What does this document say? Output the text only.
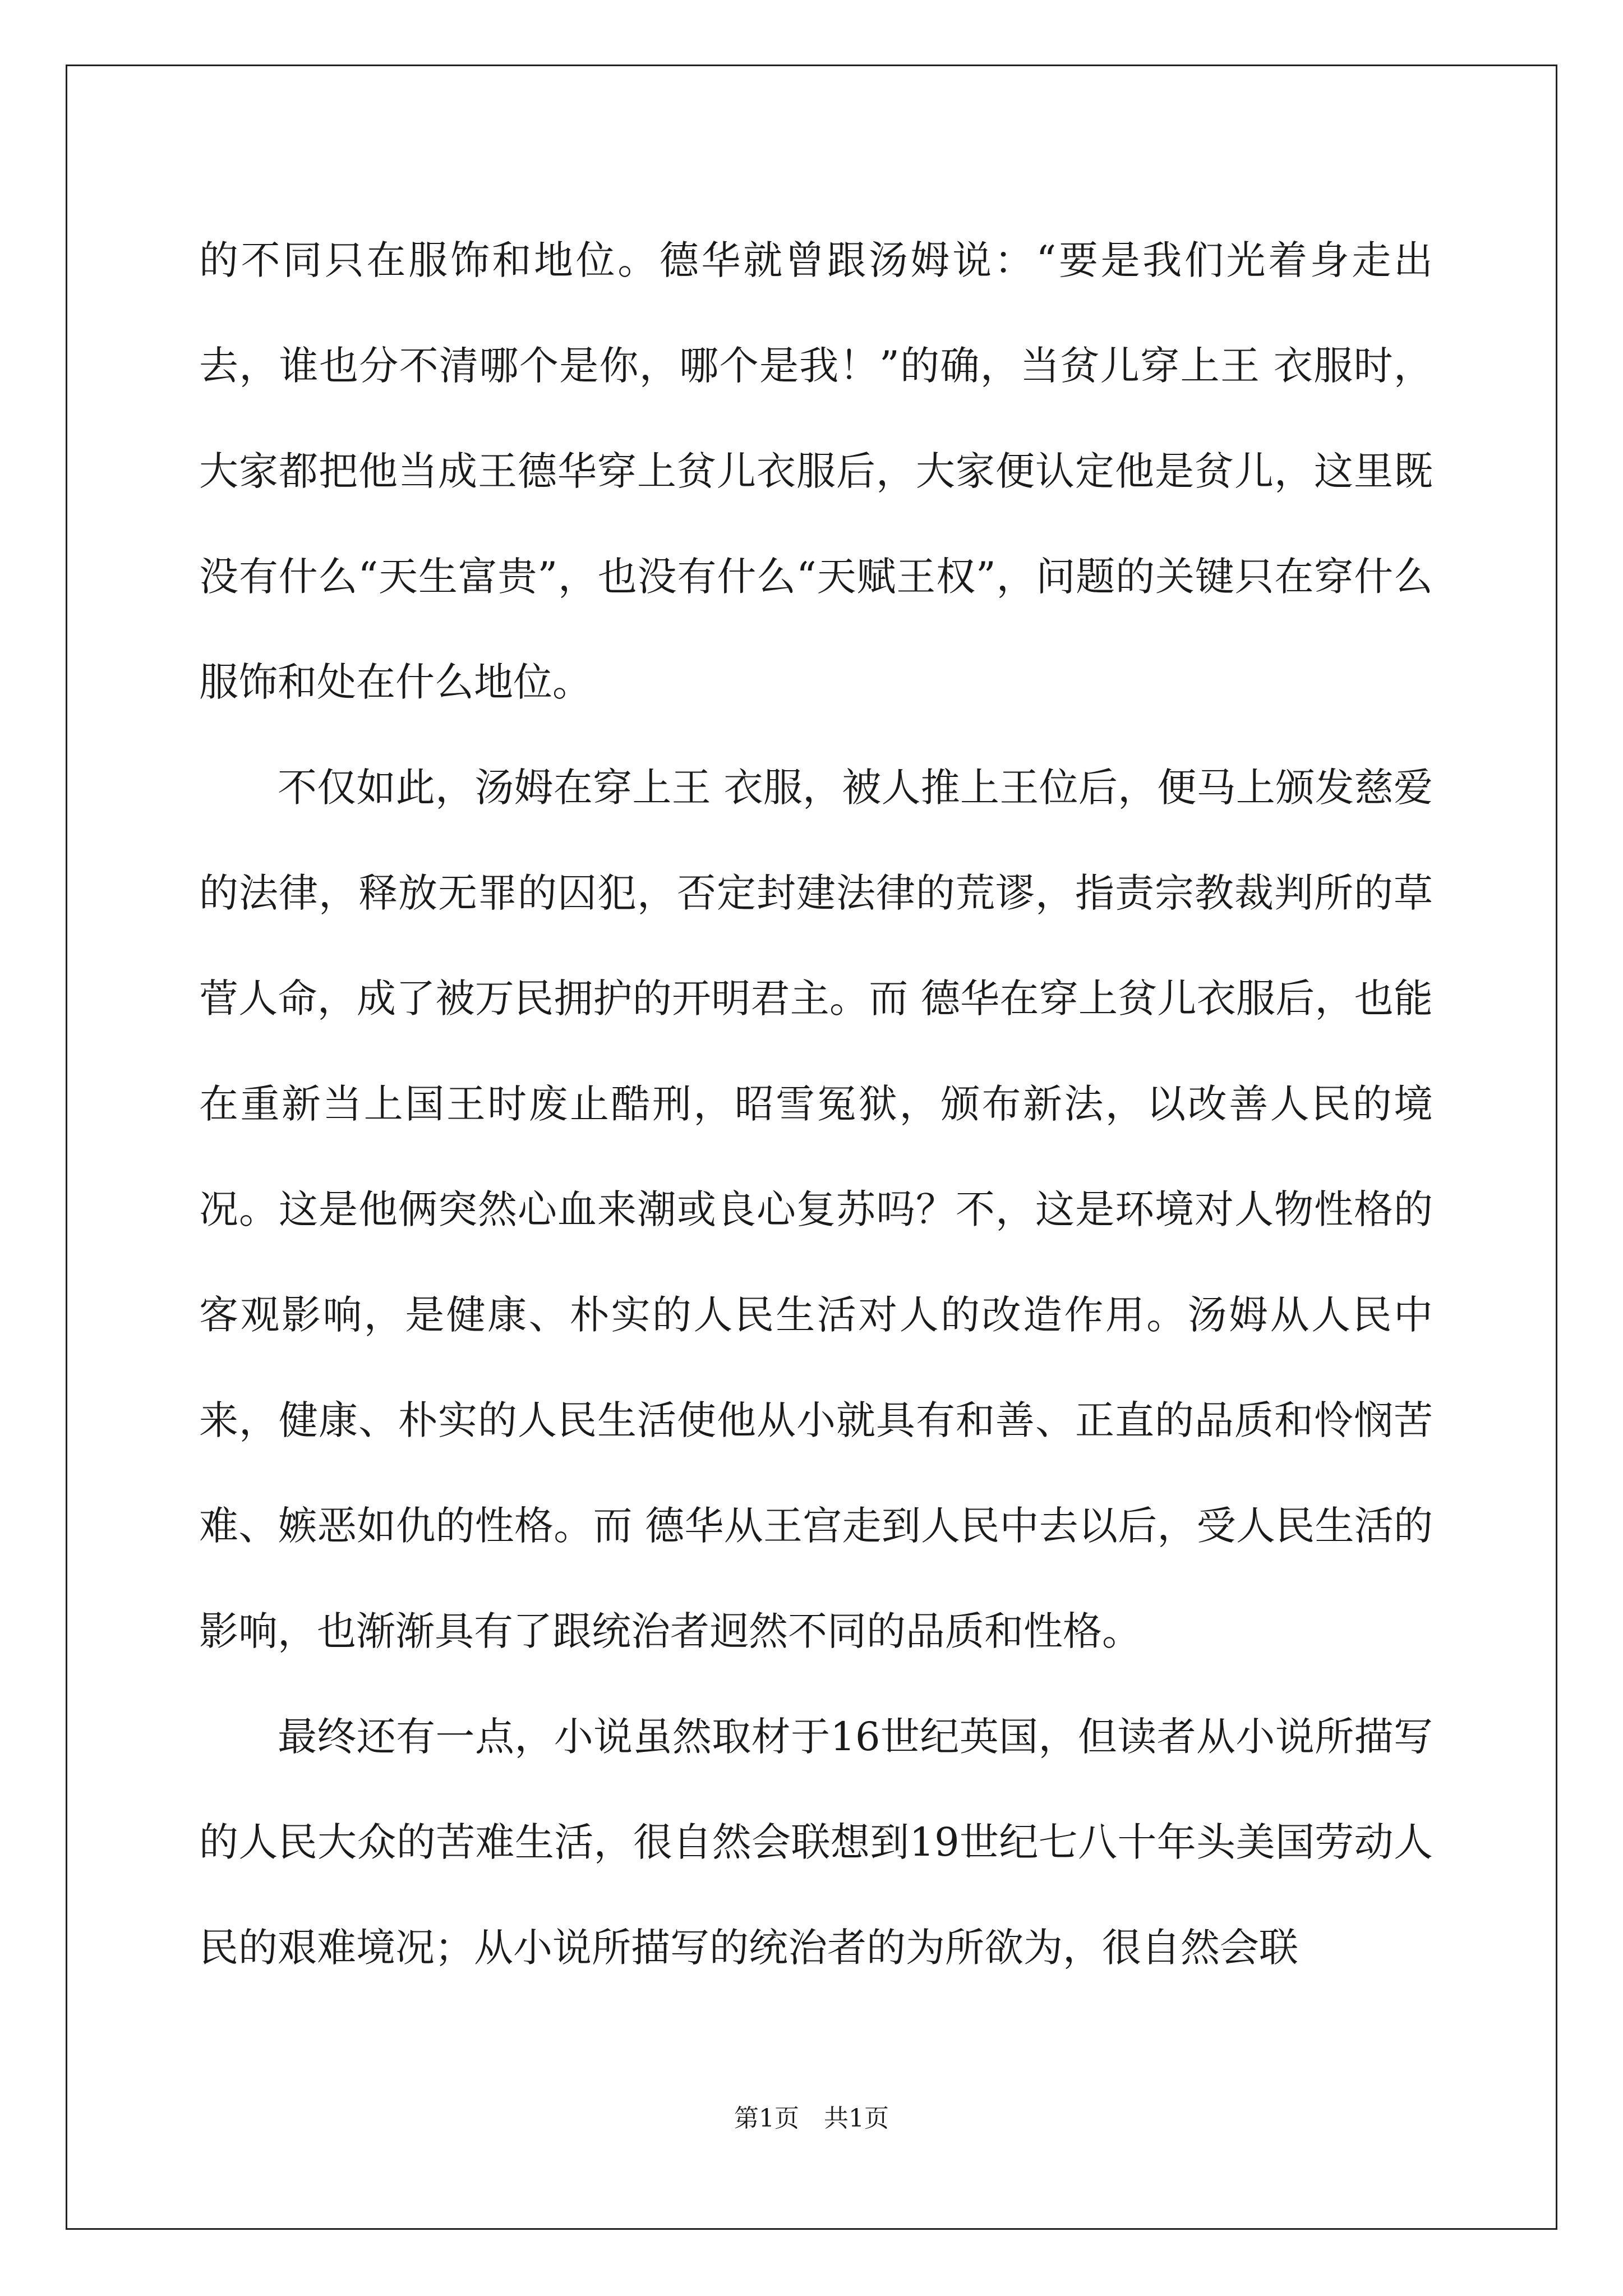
的不同只在服饰和地位。德华就曾跟汤姆说：“要是我们光着身走出去，谁也分不清哪个是你，哪个是我！”的确，当贫儿穿上王 衣服时，大家都把他当成王德华穿上贫儿衣服后，大家便认定他是贫儿，这里既没有什么“天生富贵”，也没有什么“天赋王权”，问题的关键只在穿什么服饰和处在什么地位。

不仅如此，汤姆在穿上王 衣服，被人推上王位后，便马上颁发慈爱的法律，释放无罪的囚犯，否定封建法律的荒谬，指责宗教裁判所的草菅人命，成了被万民拥护的开明君主。而 德华在穿上贫儿衣服后，也能在重新当上国王时废止酷刑，昭雪冤狱，颁布新法，以改善人民的境况。这是他俩突然心血来潮或良心复苏吗？不，这是环境对人物性格的客观影响，是健康、朴实的人民生活对人的改造作用。汤姆从人民中来，健康、朴实的人民生活使他从小就具有和善、正直的品质和怜悯苦难、嫉恶如仇的性格。而 德华从王宫走到人民中去以后，受人民生活的影响，也渐渐具有了跟统治者迥然不同的品质和性格。

最终还有一点，小说虽然取材于16世纪英国，但读者从小说所描写的人民大众的苦难生活，很自然会联想到19世纪七八十年头美国劳动人民的艰难境况；从小说所描写的统治者的为所欲为，很自然会联

第1页　共1页
